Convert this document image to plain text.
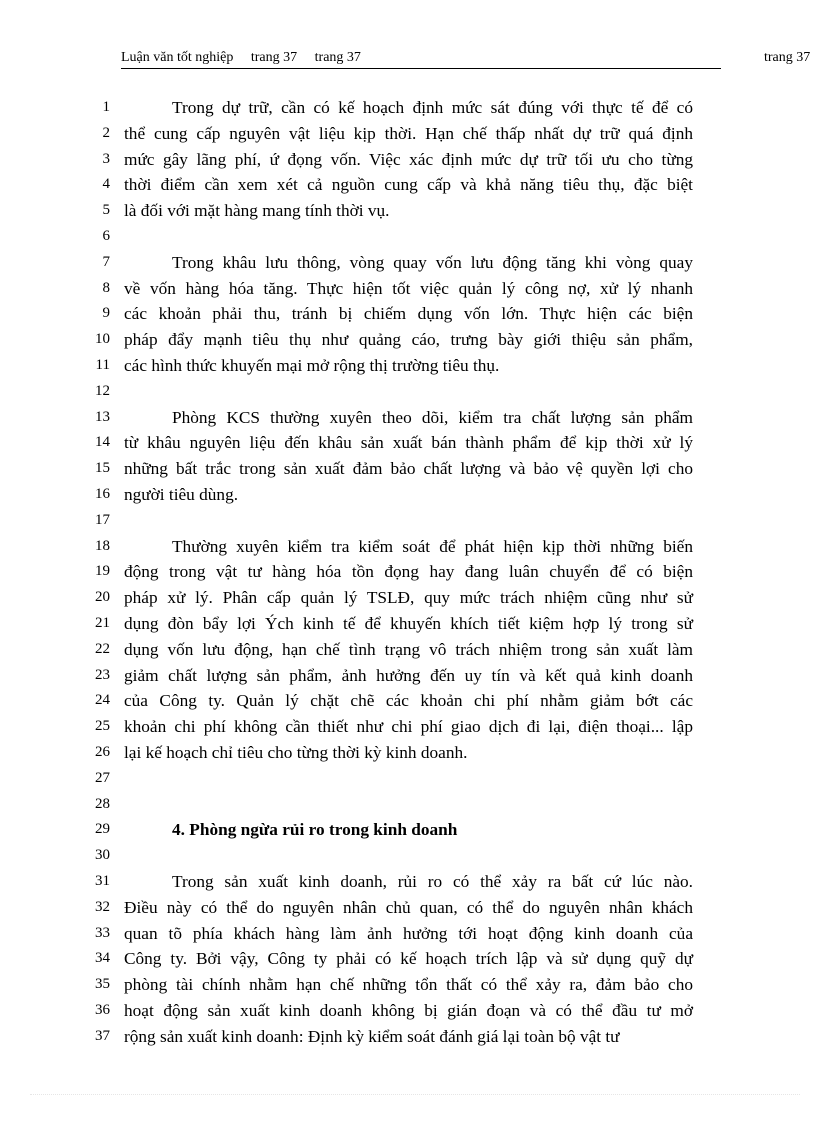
Luận văn tốt nghiệp trang 37 trang 37	trang 37
1	Trong dự trữ, cần có kế hoạch định mức sát đúng với thực tế để có
2 thể cung cấp nguyên vật liệu kịp thời. Hạn chế thấp nhất dự trữ quá định
3 mức gây lãng phí, ứ đọng vốn. Việc xác định mức dự trữ tối ưu cho từng
4 thời điểm cần xem xét cả nguồn cung cấp và khả năng tiêu thụ, đặc biệt
5 là đối với mặt hàng mang tính thời vụ.
6
7	Trong khâu lưu thông, vòng quay vốn lưu động tăng khi vòng quay
8 về vốn hàng hóa tăng. Thực hiện tốt việc quản lý công nợ, xử lý nhanh
9 các khoản phải thu, tránh bị chiếm dụng vốn lớn. Thực hiện các biện
10 pháp đẩy mạnh tiêu thụ như quảng cáo, trưng bày giới thiệu sản phẩm,
11 các hình thức khuyến mại mở rộng thị trường tiêu thụ.
12
13	Phòng KCS thường xuyên theo dõi, kiểm tra chất lượng sản phẩm
14 từ khâu nguyên liệu đến khâu sản xuất bán thành phẩm để kịp thời xử lý
15 những bất trắc trong sản xuất đảm bảo chất lượng và bảo vệ quyền lợi cho
16 người tiêu dùng.
17
18	Thường xuyên kiểm tra kiểm soát để phát hiện kịp thời những biến
19 động trong vật tư hàng hóa tồn đọng hay đang luân chuyển để có biện
20 pháp xử lý. Phân cấp quản lý TSLĐ, quy mức trách nhiệm cũng như sử
21 dụng đòn bẩy lợi Ých kinh tế để khuyến khích tiết kiệm hợp lý trong sử
22 dụng vốn lưu động, hạn chế tình trạng vô trách nhiệm trong sản xuất làm
23 giảm chất lượng sản phẩm, ảnh hưởng đến uy tín và kết quả kinh doanh
24 của Công ty. Quản lý chặt chẽ các khoản chi phí nhằm giảm bớt các
25 khoản chi phí không cần thiết như chi phí giao dịch đi lại, điện thoại... lập
26 lại kế hoạch chỉ tiêu cho từng thời kỳ kinh doanh.
27
28
29	4. Phòng ngừa rủi ro trong kinh doanh
30
31	Trong sản xuất kinh doanh, rủi ro có thể xảy ra bất cứ lúc nào.
32 Điều này có thể do nguyên nhân chủ quan, có thể do nguyên nhân khách
33 quan tõ phía khách hàng làm ảnh hưởng tới hoạt động kinh doanh của
34 Công ty. Bởi vậy, Công ty phải có kế hoạch trích lập và sử dụng quỹ dự
35 phòng tài chính nhằm hạn chế những tổn thất có thể xảy ra, đảm bảo cho
36 hoạt động sản xuất kinh doanh không bị gián đoạn và có thể đầu tư mở
37 rộng sản xuất kinh doanh: Định kỳ kiểm soát đánh giá lại toàn bộ vật tư
